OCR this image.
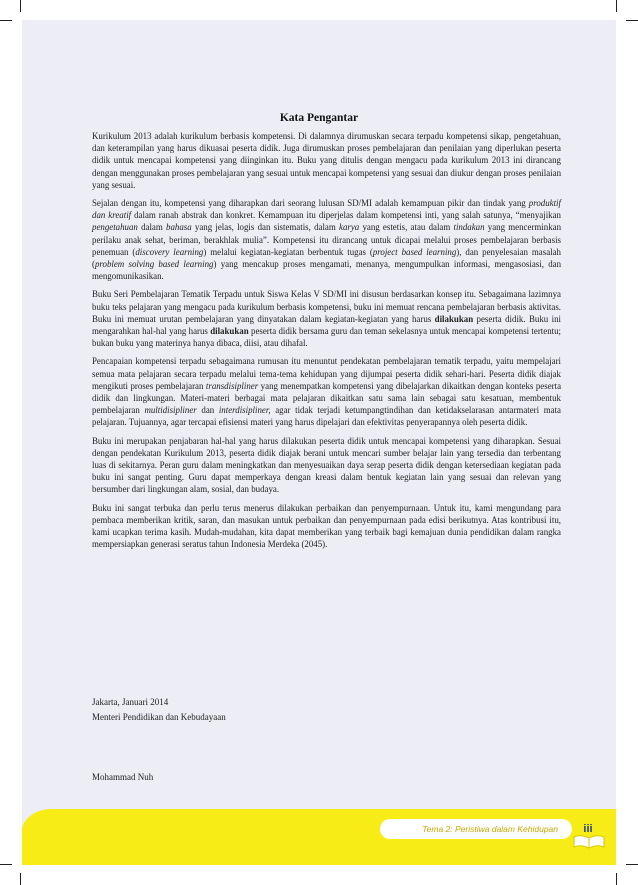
Kata Pengantar

Kurikulum 2013 adalah kurikulum berbasis kompetensi. Di dalamnya dirumuskan secara terpadu kompetensi sikap, pengetahuan, dan keterampilan yang harus dikuasai peserta didik. Juga dirumuskan proses pembelajaran dan penilaian yang diperlukan peserta didik untuk mencapai kompetensi yang diinginkan itu. Buku yang ditulis dengan mengacu pada kurikulum 2013 ini dirancang dengan menggunakan proses pembelajaran yang sesuai untuk mencapai kompetensi yang sesuai dan diukur dengan proses penilaian yang sesuai.

Sejalan dengan itu, kompetensi yang diharapkan dari seorang lulusan SD/MI adalah kemampuan pikir dan tindak yang produktif dan kreatif dalam ranah abstrak dan konkret. Kemampuan itu diperjelas dalam kompetensi inti, yang salah satunya, “menyajikan pengetahuan dalam bahasa yang jelas, logis dan sistematis, dalam karya yang estetis, atau dalam tindakan yang mencerminkan perilaku anak sehat, beriman, berakhlak mulia”. Kompetensi itu dirancang untuk dicapai melalui proses pembelajaran berbasis penemuan (discovery learning) melalui kegiatan-kegiatan berbentuk tugas (project based learning), dan penyelesaian masalah (problem solving based learning) yang mencakup proses mengamati, menanya, mengumpulkan informasi, mengasosiasi, dan mengomunikasikan.

Buku Seri Pembelajaran Tematik Terpadu untuk Siswa Kelas V SD/MI ini disusun berdasarkan konsep itu. Sebagaimana lazimnya buku teks pelajaran yang mengacu pada kurikulum berbasis kompetensi, buku ini memuat rencana pembelajaran berbasis aktivitas. Buku ini memuat urutan pembelajaran yang dinyatakan dalam kegiatan-kegiatan yang harus dilakukan peserta didik. Buku ini mengarahkan hal-hal yang harus dilakukan peserta didik bersama guru dan teman sekelasnya untuk mencapai kompetensi tertentu; bukan buku yang materinya hanya dibaca, diisi, atau dihafal.

Pencapaian kompetensi terpadu sebagaimana rumusan itu menuntut pendekatan pembelajaran tematik terpadu, yaitu mempelajari semua mata pelajaran secara terpadu melalui tema-tema kehidupan yang dijumpai peserta didik sehari-hari. Peserta didik diajak mengikuti proses pembelajaran transdisipliner yang menempatkan kompetensi yang dibelajarkan dikaitkan dengan konteks peserta didik dan lingkungan. Materi-materi berbagai mata pelajaran dikaitkan satu sama lain sebagai satu kesatuan, membentuk pembelajaran multidisipliner dan interdisipliner, agar tidak terjadi ketumpangtindihan dan ketidakselarasan antarmateri mata pelajaran. Tujuannya, agar tercapai efisiensi materi yang harus dipelajari dan efektivitas penyerapannya oleh peserta didik.

Buku ini merupakan penjabaran hal-hal yang harus dilakukan peserta didik untuk mencapai kompetensi yang diharapkan. Sesuai dengan pendekatan Kurikulum 2013, peserta didik diajak berani untuk mencari sumber belajar lain yang tersedia dan terbentang luas di sekitarnya. Peran guru dalam meningkatkan dan menyesuaikan daya serap peserta didik dengan ketersediaan kegiatan pada buku ini sangat penting. Guru dapat memperkaya dengan kreasi dalam bentuk kegiatan lain yang sesuai dan relevan yang bersumber dari lingkungan alam, sosial, dan budaya.

Buku ini sangat terbuka dan perlu terus menerus dilakukan perbaikan dan penyempurnaan. Untuk itu, kami mengundang para pembaca memberikan kritik, saran, dan masukan untuk perbaikan dan penyempurnaan pada edisi berikutnya. Atas kontribusi itu, kami ucapkan terima kasih. Mudah-mudahan, kita dapat memberikan yang terbaik bagi kemajuan dunia pendidikan dalam rangka mempersiapkan generasi seratus tahun Indonesia Merdeka (2045).

Jakarta, Januari 2014
Menteri Pendidikan dan Kebudayaan
Mohammad Nuh
Tema 2: Peristiwa dalam Kehidupan	iii
